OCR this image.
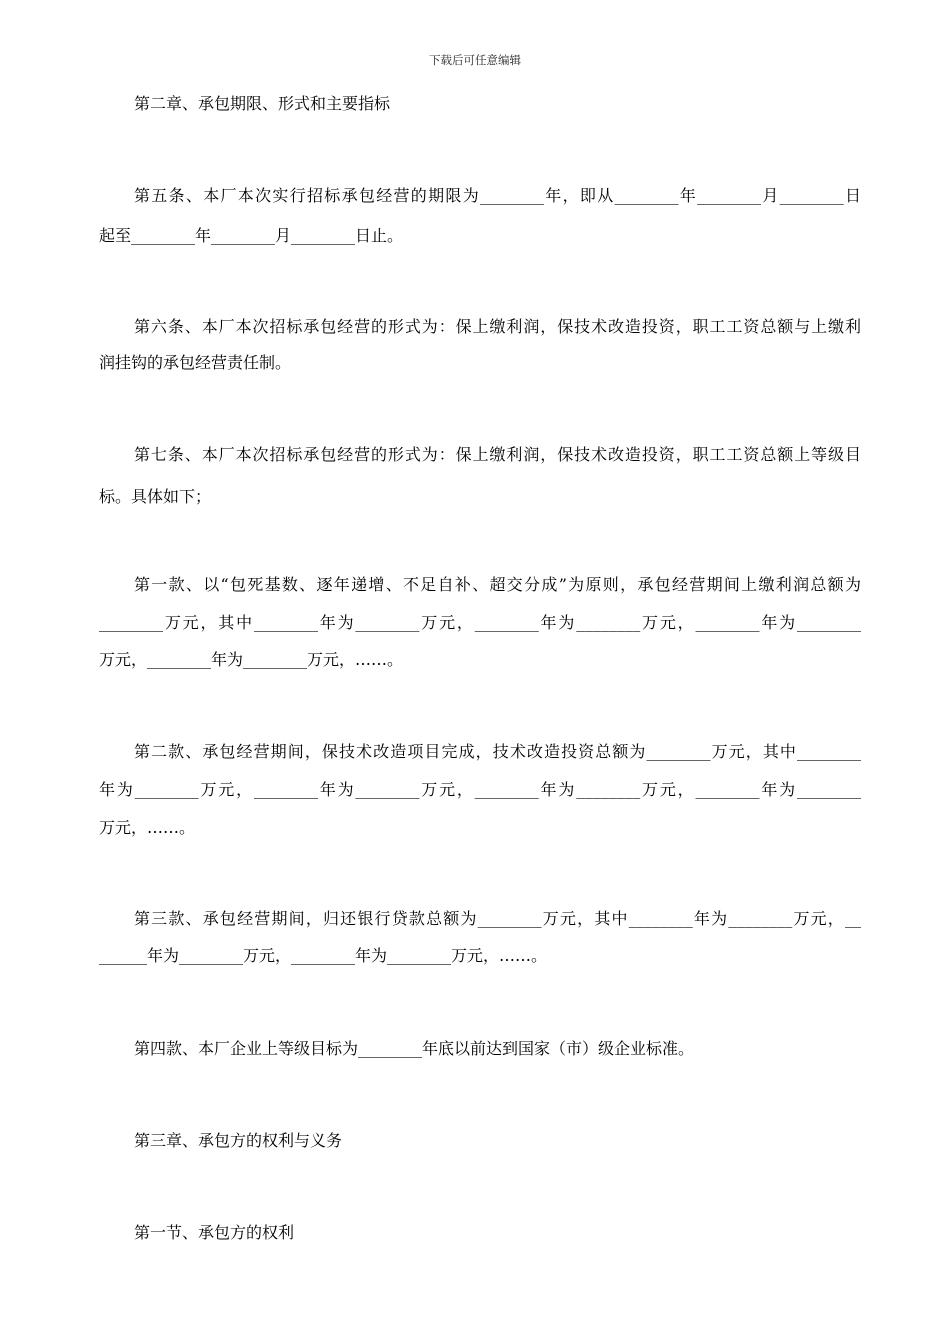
下载后可任意编辑
第二章、承包期限、形式和主要指标
第五条、本厂本次实行招标承包经营的期限为________年，即从________年________月________日
起至________年________月________日止。
第六条、本厂本次招标承包经营的形式为：保上缴利润，保技术改造投资，职工工资总额与上缴利
润挂钩的承包经营责任制。
第七条、本厂本次招标承包经营的形式为：保上缴利润，保技术改造投资，职工工资总额上等级目
标。具体如下；
第一款、以“包死基数、逐年递增、不足自补、超交分成”为原则，承包经营期间上缴利润总额为
________万元，其中________年为________万元，________年为________万元，________年为________
万元，________年为________万元，……。
第二款、承包经营期间，保技术改造项目完成，技术改造投资总额为________万元，其中________
年为________万元，________年为________万元，________年为________万元，________年为________
万元，……。
第三款、承包经营期间，归还银行贷款总额为________万元，其中________年为________万元，__
______年为________万元，________年为________万元，……。
第四款、本厂企业上等级目标为________年底以前达到国家（市）级企业标准。
第三章、承包方的权利与义务
第一节、承包方的权利
